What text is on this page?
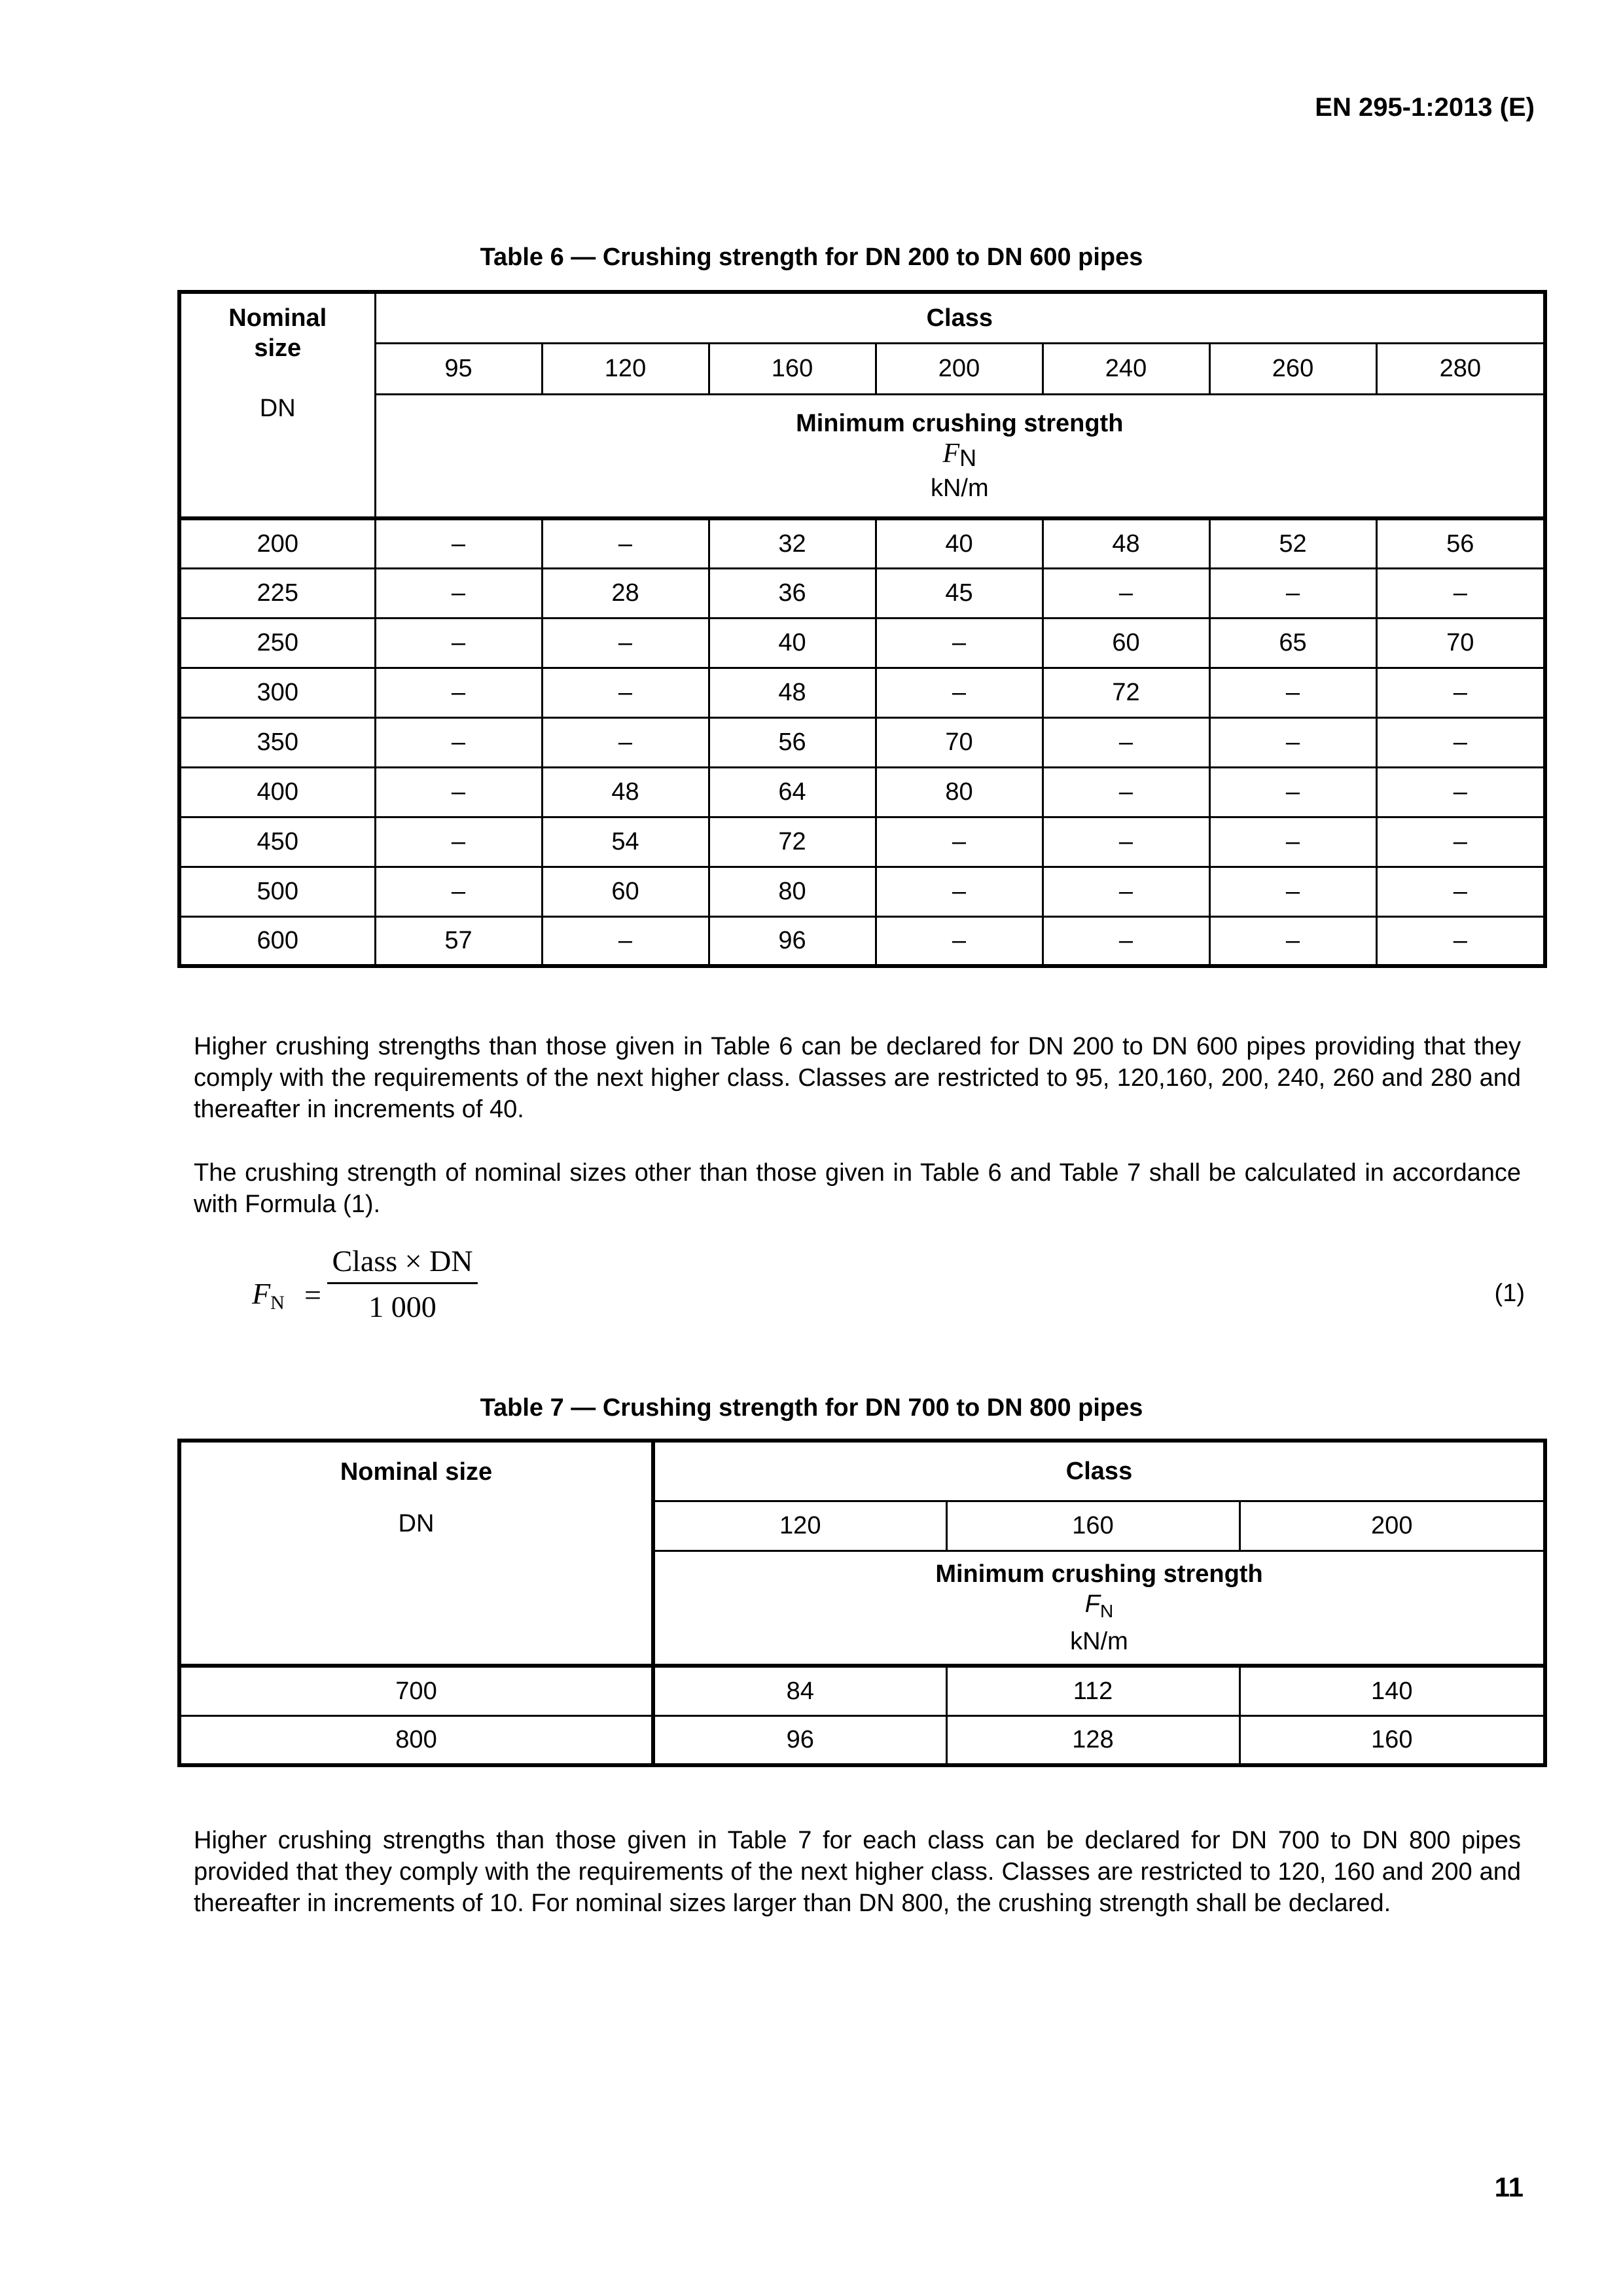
EN 295-1:2013 (E)
Table 6 — Crushing strength for DN 200 to DN 600 pipes
Nominal
size
DN	Class						
	95	120	160	200	240	260	280

	Minimum crushing strength
FN
kN/m						

200	–	–	32	40	48	52	56
225	–	28	36	45	–	–	–
250	–	–	40	–	60	65	70
300	–	–	48	–	72	–	–
350	–	–	56	70	–	–	–
400	–	48	64	80	–	–	–
450	–	54	72	–	–	–	–
500	–	60	80	–	–	–	–
600	57	–	96	–	–	–	–
Higher crushing strengths than those given in Table 6 can be declared for DN 200 to DN 600 pipes providing that they comply with the requirements of the next higher class. Classes are restricted to 95, 120,160, 200, 240, 260 and 280 and thereafter in increments of 40.
The crushing strength of nominal sizes other than those given in Table 6 and Table 7 shall be calculated in accordance with Formula (1).
$F_N$ =
Class × DN
1 000	(1)
Table 7 — Crushing strength for DN 700 to DN 800 pipes
Nominal size	Class		
DN	120	160	200

	Minimum crushing strength
$F_N$
kN/m		

700	84	112	140
800	96	128	160
Higher crushing strengths than those given in Table 7 for each class can be declared for DN 700 to DN 800 pipes provided that they comply with the requirements of the next higher class. Classes are restricted to 120, 160 and 200 and thereafter in increments of 10. For nominal sizes larger than DN 800, the crushing strength shall be declared.
11
